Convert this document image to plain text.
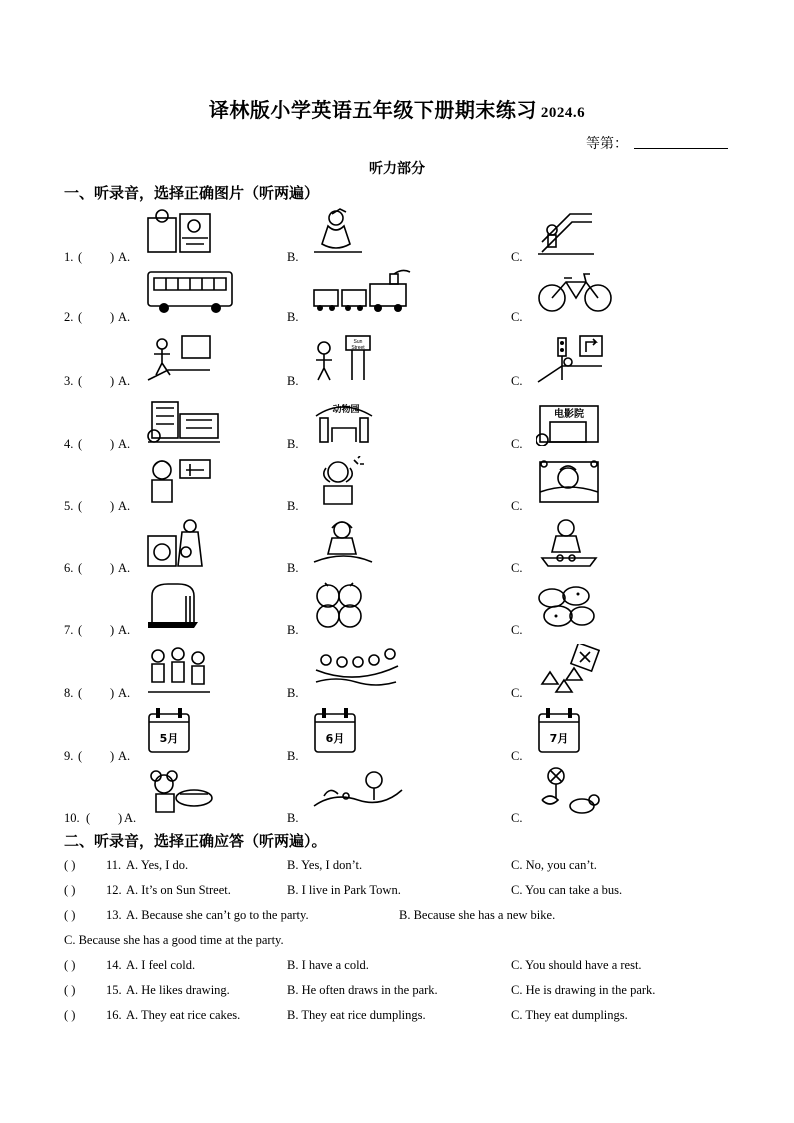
译林版小学英语五年级下册期末练习 2024.6
等第：
听力部分
一、听录音，选择正确图片（听两遍）
1. ( ) A.	B.	C.
2. ( ) A.	B.	C.
3. ( ) A.	B.	C.
Sun
Street
4. ( ) A.	B.	C.
动物园	电影院
5. ( ) A.	B.	C.
6. ( ) A.	B.	C.
7. ( ) A.	B.	C.
8. ( ) A.	B.	C.
9. ( ) A.	B.	C.
5月	6月	7月
10. ( ) A.	B.	C.
二、听录音，选择正确应答（听两遍）。
( ) 11. A. Yes, I do.	B. Yes, I don’t.	C. No, you can’t.
( ) 12. A. It’s on Sun Street.	B. I live in Park Town.	C. You can take a bus.
( ) 13. A. Because she can’t go to the party.	B. Because she has a new bike.
C. Because she has a good time at the party.
( ) 14. A. I feel cold.	B. I have a cold.	C. You should have a rest.
( ) 15. A. He likes drawing.	B. He often draws in the park.	C. He is drawing in the park.
( ) 16. A. They eat rice cakes.	B. They eat rice dumplings.	C. They eat dumplings.
